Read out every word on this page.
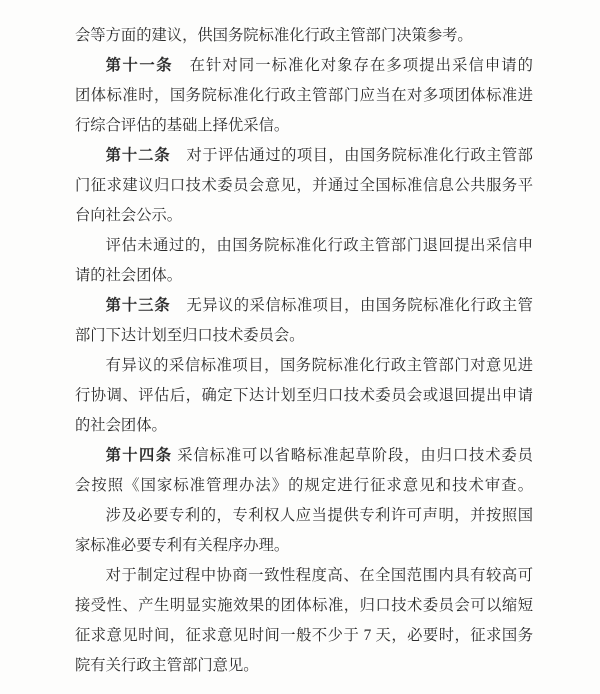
会等方面的建议，供国务院标准化行政主管部门决策参考。
第十一条　 在针对同一标准化对象存在多项提出采信申请的
团体标准时，国务院标准化行政主管部门应当在对多项团体标准进
行综合评估的基础上择优采信。
第十二条　 对于评估通过的项目，由国务院标准化行政主管部
门征求建议归口技术委员会意见，并通过全国标准信息公共服务平
台向社会公示。
评估未通过的，由国务院标准化行政主管部门退回提出采信申
请的社会团体。
第十三条　 无异议的采信标准项目，由国务院标准化行政主管
部门下达计划至归口技术委员会。
有异议的采信标准项目，国务院标准化行政主管部门对意见进
行协调、评估后，确定下达计划至归口技术委员会或退回提出申请
的社会团体。
第十四条 采信标准可以省略标准起草阶段，由归口技术委员
会按照《国家标准管理办法》的规定进行征求意见和技术审查。
涉及必要专利的，专利权人应当提供专利许可声明，并按照国
家标准必要专利有关程序办理。
对于制定过程中协商一致性程度高、在全国范围内具有较高可
接受性、产生明显实施效果的团体标准，归口技术委员会可以缩短
征求意见时间，征求意见时间一般不少于 7 天，必要时，征求国务
院有关行政主管部门意见。
